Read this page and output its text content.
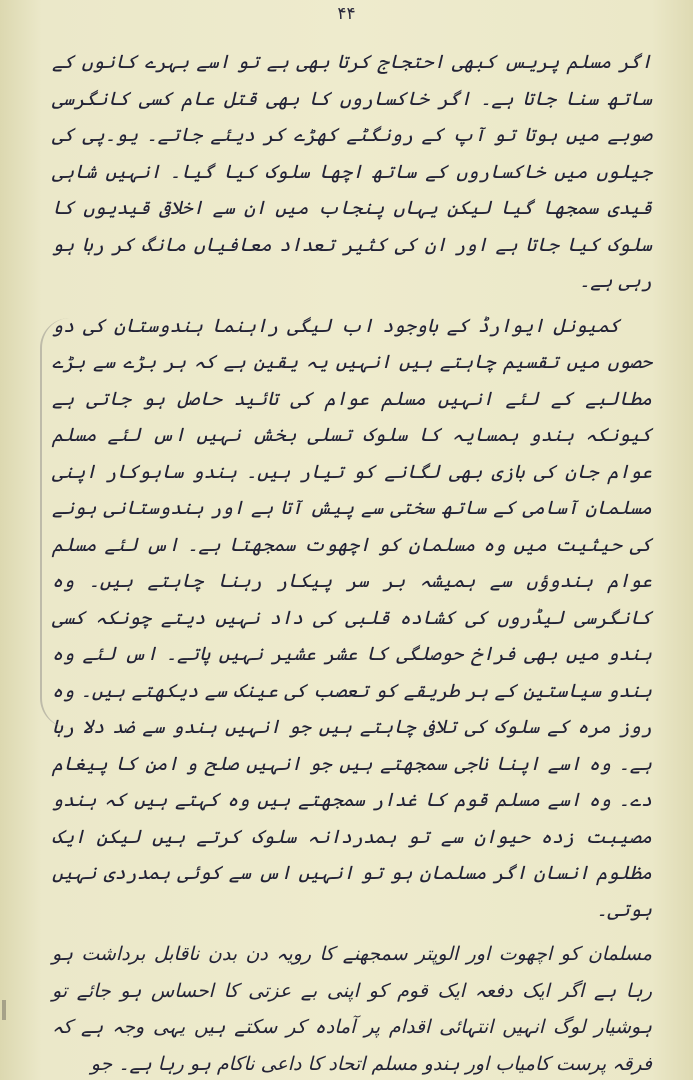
۴۴

اگر مسلم پریس کبھی احتجاج کرتا بھی ہے تو اسے بہرے کانوں کے ساتھ سنا جاتا ہے۔ اگر خاکساروں کا بھی قتل عام کسی کانگرسی صوبے میں ہوتا تو آپ کے رونگٹے کھڑے کر دیئے جاتے۔ یو۔پی کی جیلوں میں خاکساروں کے ساتھ اچھا سلوک کیا گیا۔ انہیں شاہی قیدی سمجھا گیا لیکن یہاں پنجاب میں ان سے اخلاقی قیدیوں کا سلوک کیا جاتا ہے اور ان کی کثیر تعداد معافیاں مانگ کر رہا ہو رہی ہے۔

کمیونل ایوارڈ کے باوجود اب لیگی راہنما ہندوستان کی دو حصوں میں تقسیم چاہتے ہیں انہیں یہ یقین ہے کہ ہر بڑے سے بڑے مطالبے کے لئے انہیں مسلم عوام کی تائید حاصل ہو جاتی ہے کیونکہ ہندو ہمسایہ کا سلوک تسلی بخش نہیں اس لئے مسلم عوام جان کی بازی بھی لگانے کو تیار ہیں۔ ہندو ساہوکار اپنی مسلمان آسامی کے ساتھ سختی سے پیش آتا ہے اور ہندوستانی ہونے کی حیثیت میں وہ مسلمان کو اچھوت سمجھتا ہے۔ اس لئے مسلم عوام ہندوؤں سے ہمیشہ بر سر پیکار رہنا چاہتے ہیں۔ وہ کانگرسی لیڈروں کی کشادہ قلبی کی داد نہیں دیتے چونکہ کسی ہندو میں بھی فراخ حوصلگی کا عشر عشیر نہیں پاتے۔ اس لئے وہ ہندو سیاستین کے ہر طریقے کو تعصب کی عینک سے دیکھتے ہیں۔ وہ روز مرہ کے سلوک کی تلافی چاہتے ہیں جو انہیں ہندو سے ضد دلا رہا ہے۔ وہ اسے اپنا ناجی سمجھتے ہیں جو انہیں صلح و امن کا پیغام دے۔ وہ اسے مسلم قوم کا غدار سمجھتے ہیں وہ کہتے ہیں کہ ہندو مصیبت زدہ حیوان سے تو ہمدردانہ سلوک کرتے ہیں لیکن ایک مظلوم انسان اگر مسلمان ہو تو انہیں اس سے کوئی ہمدردی نہیں ہوتی۔

مسلمان کو اچھوت اور الوپتر سمجھنے کا رویہ دن بدن ناقابل برداشت ہو رہا ہے اگر ایک دفعہ ایک قوم کو اپنی بے عزتی کا احساس ہو جائے تو ہوشیار لوگ انہیں انتہائی اقدام پر آمادہ کر سکتے ہیں یہی وجہ ہے کہ فرقہ پرست کامیاب اور ہندو مسلم اتحاد کا داعی ناکام ہو رہا ہے۔ جو
